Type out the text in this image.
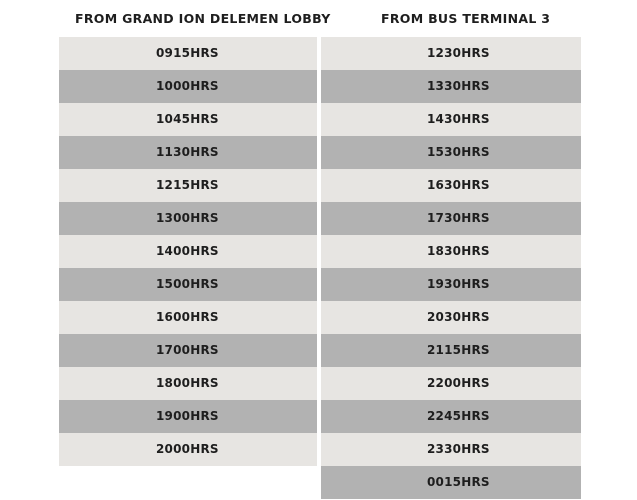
FROM GRAND ION DELEMEN LOBBY	FROM BUS TERMINAL 3
0915HRS
1000HRS
1045HRS
1130HRS
1215HRS
1300HRS
1400HRS
1500HRS
1600HRS
1700HRS
1800HRS
1900HRS
2000HRS
1230HRS
1330HRS
1430HRS
1530HRS
1630HRS
1730HRS
1830HRS
1930HRS
2030HRS
2115HRS
2200HRS
2245HRS
2330HRS
0015HRS
